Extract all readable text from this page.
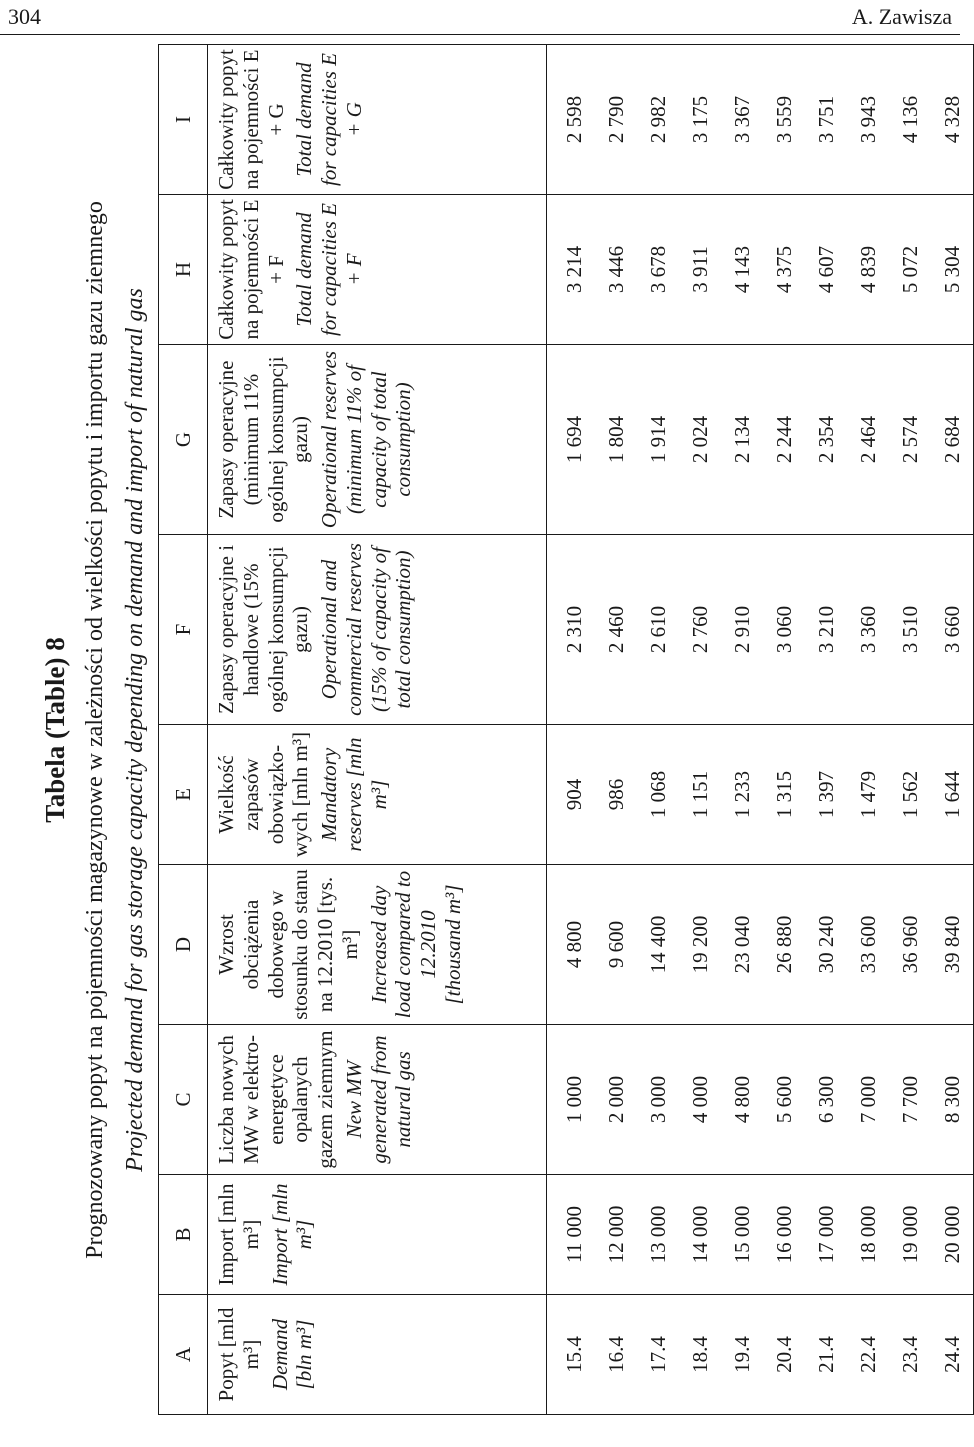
304	A. Zawisza
Tabela (Table) 8 Prognozowany popyt na pojemności magazynowe w zależności od wielkości popytu i importu gazu ziemnego Projected demand for gas storage capacity depending on demand and import of natural gas
A	B	C	D	E	F	G	H	I

Popyt [mld m³] Demand [bln m³]	Import [mln m³] Import [mln m³]	Liczba nowych MW w elektro-energetyce opalanych gazem ziemnym New MW generated from natural gas	Wzrost obciążenia dobowego w stosunku do stanu na 12.2010 [tys. m³] Increased day load compared to 12.2010 [thousand m³]	Wielkość zapasów obowiązko-wych [mln m³] Mandatory reserves [mln m³]	Zapasy operacyjne i handlowe (15% ogólnej konsumpcji gazu) Operational and commercial reserves (15% of capacity of total consumption)	Zapasy operacyjne (minimum 11% ogólnej konsumpcji gazu) Operational reserves (minimum 11% of capacity of total consumption)	Całkowity popyt na pojemności E + F Total demand for capacities E + F	Całkowity popyt na pojemności E + G Total demand for capacities E + G

15.4	11 000	1 000	4 800	904	2 310	1 694	3 214	2 598
16.4	12 000	2 000	9 600	986	2 460	1 804	3 446	2 790
17.4	13 000	3 000	14 400	1 068	2 610	1 914	3 678	2 982
18.4	14 000	4 000	19 200	1 151	2 760	2 024	3 911	3 175
19.4	15 000	4 800	23 040	1 233	2 910	2 134	4 143	3 367
20.4	16 000	5 600	26 880	1 315	3 060	2 244	4 375	3 559
21.4	17 000	6 300	30 240	1 397	3 210	2 354	4 607	3 751
22.4	18 000	7 000	33 600	1 479	3 360	2 464	4 839	3 943
23.4	19 000	7 700	36 960	1 562	3 510	2 574	5 072	4 136
24.4	20 000	8 300	39 840	1 644	3 660	2 684	5 304	4 328
